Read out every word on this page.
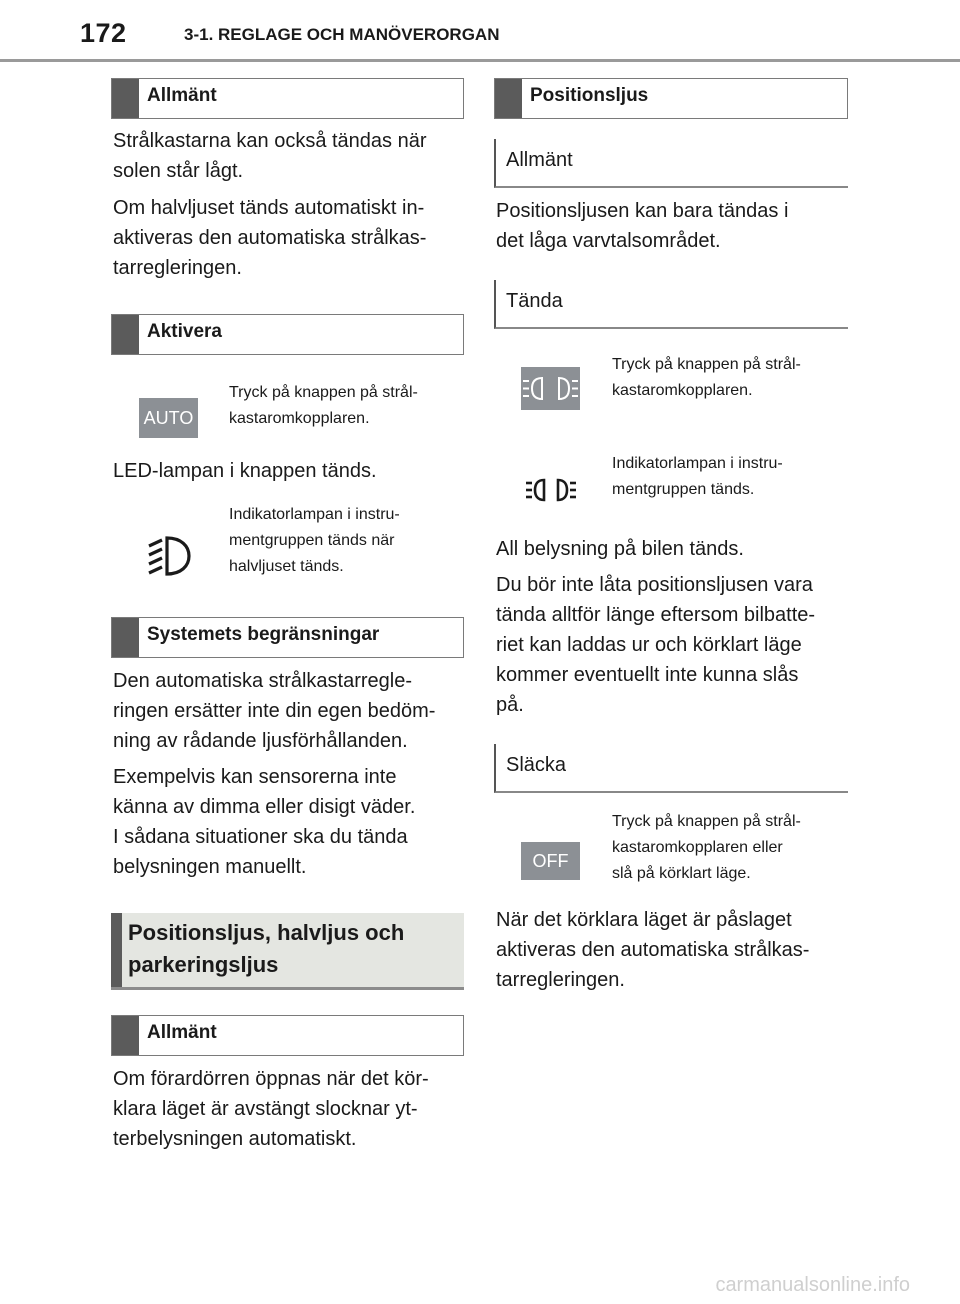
172	3-1. REGLAGE OCH MANÖVERORGAN
Allmänt
Strålkastarna kan också tändas när
solen står lågt.
Om halvljuset tänds automatiskt in-
aktiveras den automatiska strålkas-
tarregleringen.
Aktivera
AUTO
Tryck på knappen på strål-
kastaromkopplaren.
LED-lampan i knappen tänds.
Indikatorlampan i instru-
mentgruppen tänds när
halvljuset tänds.
Systemets begränsningar
Den automatiska strålkastarregle-
ringen ersätter inte din egen bedöm-
ning av rådande ljusförhållanden.
Exempelvis kan sensorerna inte
känna av dimma eller disigt väder.
I sådana situationer ska du tända
belysningen manuellt.
Positionsljus, halvljus och
parkeringsljus
Allmänt
Om förardörren öppnas när det kör-
klara läget är avstängt slocknar yt-
terbelysningen automatiskt.
Positionsljus
Allmänt
Positionsljusen kan bara tändas i
det låga varvtalsområdet.
Tända
Tryck på knappen på strål-
kastaromkopplaren.
Indikatorlampan i instru-
mentgruppen tänds.
All belysning på bilen tänds.
Du bör inte låta positionsljusen vara
tända alltför länge eftersom bilbatte-
riet kan laddas ur och körklart läge
kommer eventuellt inte kunna slås
på.
Släcka
OFF
Tryck på knappen på strål-
kastaromkopplaren eller
slå på körklart läge.
När det körklara läget är påslaget
aktiveras den automatiska strålkas-
tarregleringen.
carmanualsonline.info
